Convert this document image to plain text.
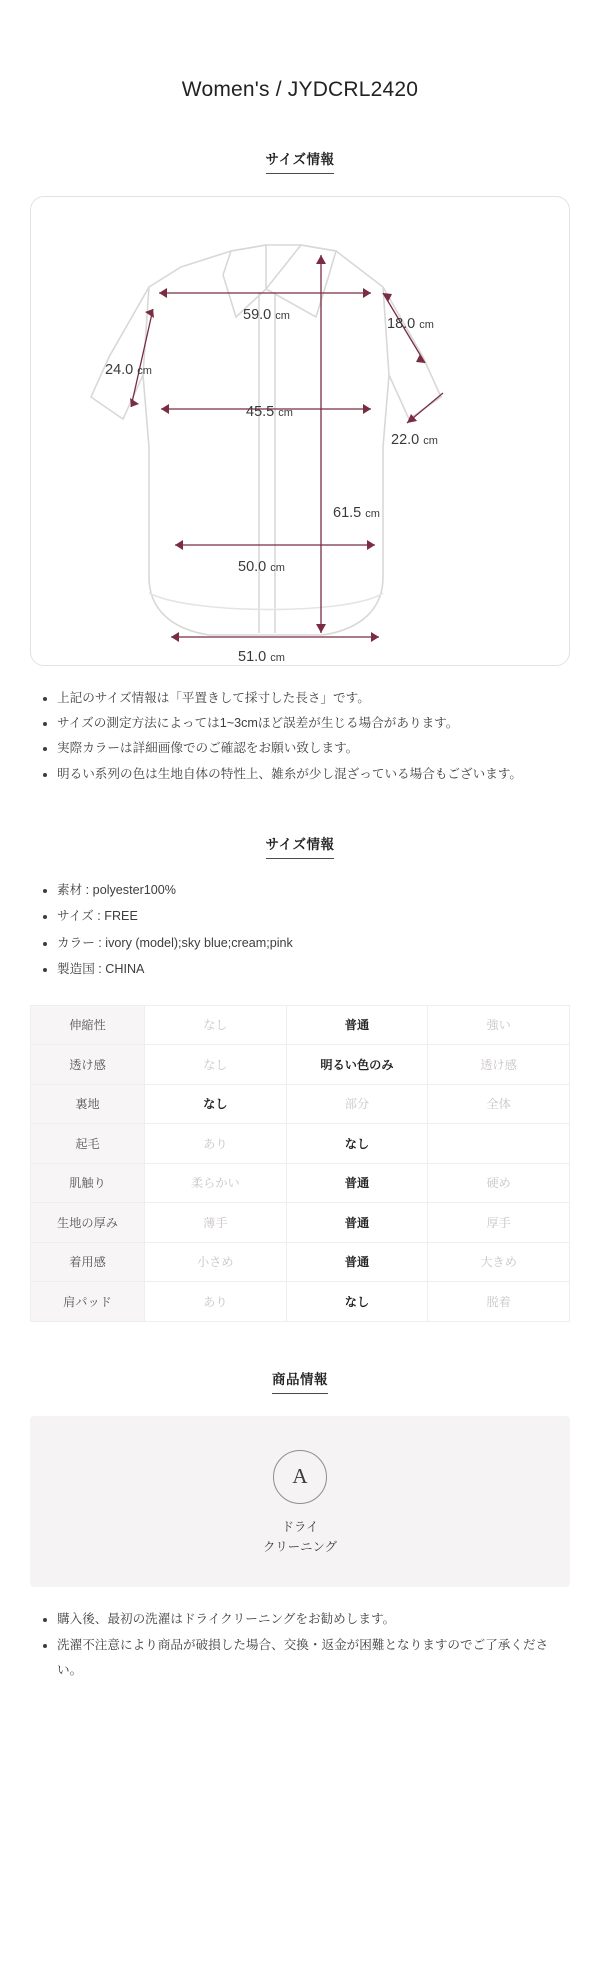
Women's / JYDCRL2420
サイズ情報
59.0 cm	18.0 cm
24.0 cm
45.5 cm
22.0 cm
61.5 cm
50.0 cm
51.0 cm
上記のサイズ情報は「平置きして採寸した長さ」です。
サイズの測定方法によっては1~3cmほど誤差が生じる場合があります。
実際カラーは詳細画像でのご確認をお願い致します。
明るい系列の色は生地自体の特性上、雑糸が少し混ざっている場合もございます。
サイズ情報
素材 : polyester100%
サイズ : FREE
カラー : ivory (model);sky blue;cream;pink
製造国 : CHINA
伸縮性	なし	普通	強い
透け感	なし	明るい色のみ	透け感
裏地	なし	部分	全体
起毛	あり	なし	
肌触り	柔らかい	普通	硬め
生地の厚み	薄手	普通	厚手
着用感	小さめ	普通	大きめ
肩パッド	あり	なし	脱着
商品情報
A
ドライ
クリーニング
購入後、最初の洗濯はドライクリーニングをお勧めします。
洗濯不注意により商品が破損した場合、交換・返金が困難となりますのでご了承ください。
